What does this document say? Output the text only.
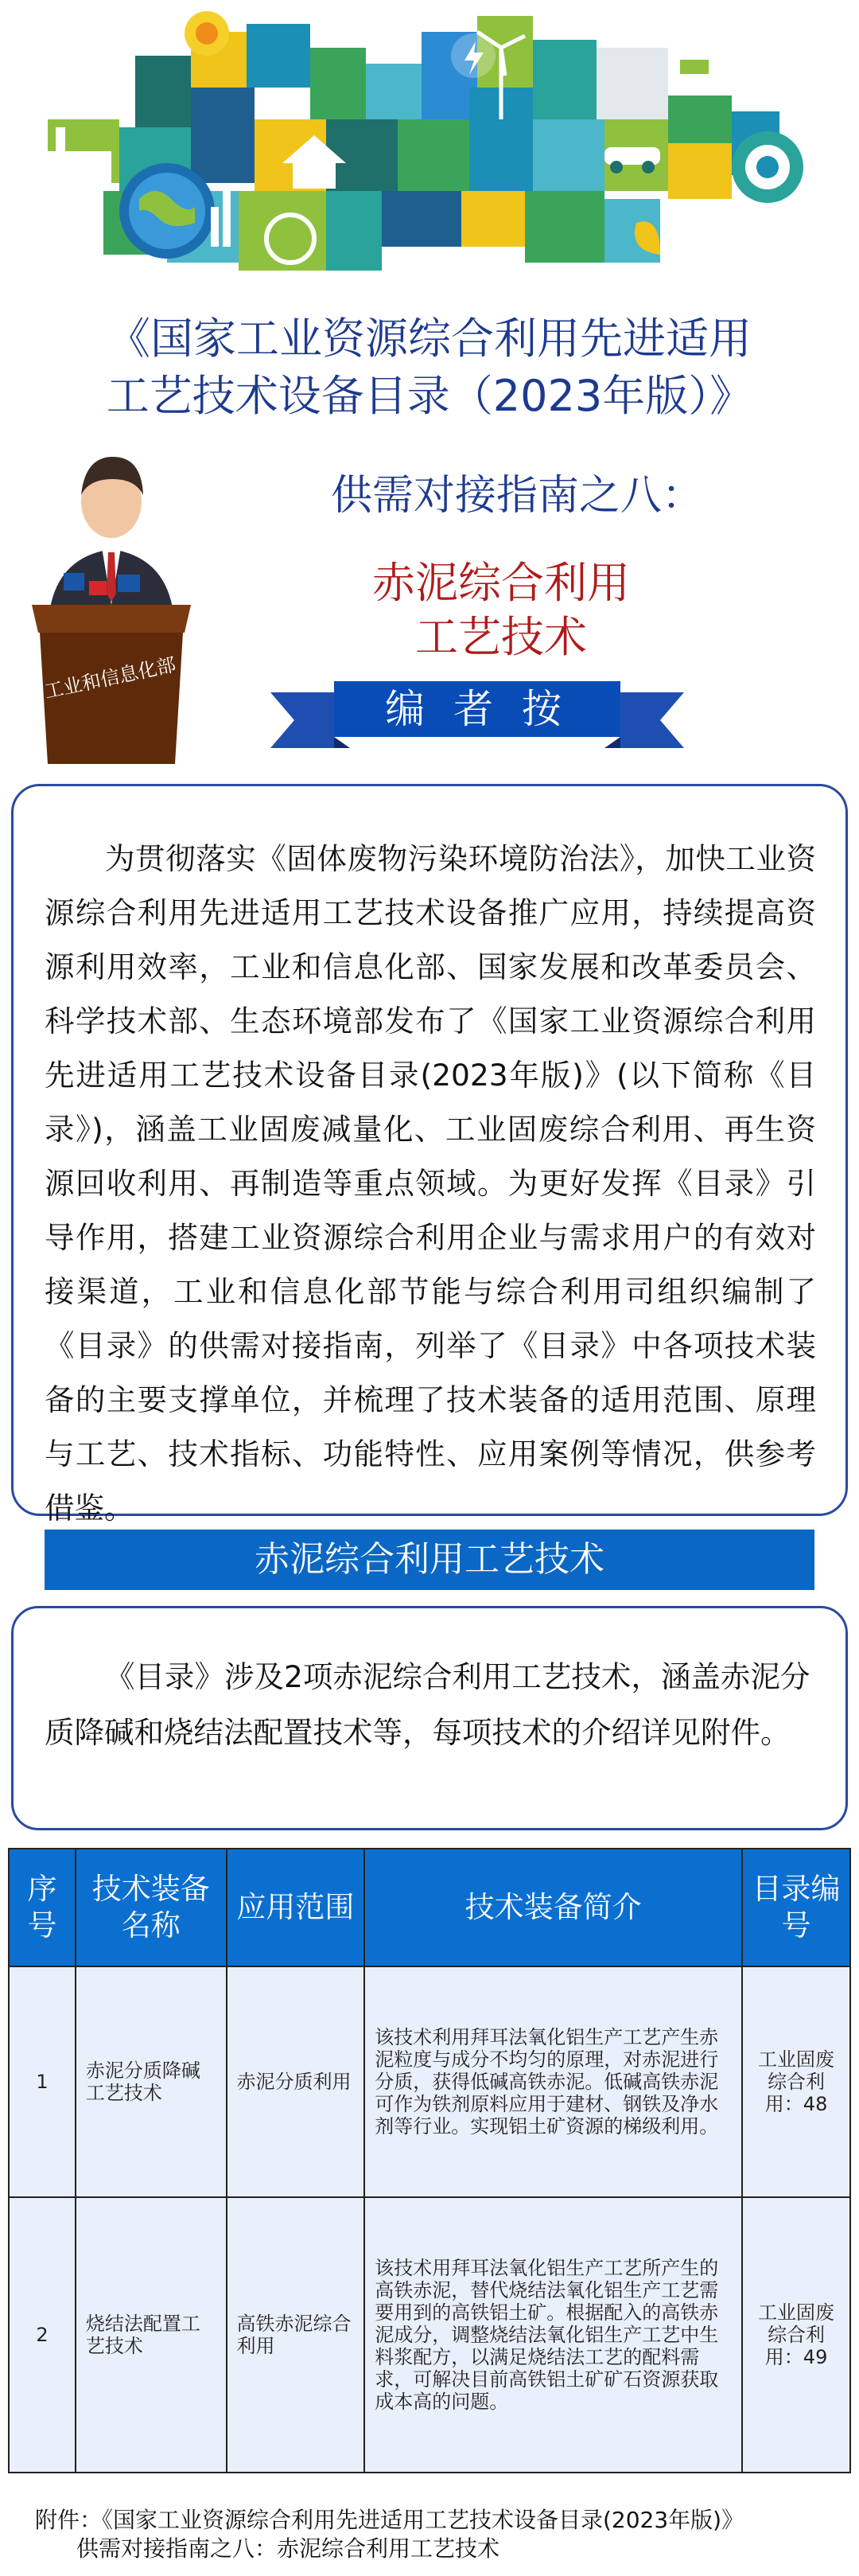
《国家工业资源综合利用先进适用
工艺技术设备目录（2023年版）》
工业和信息化部
供需对接指南之八：
赤泥综合利用
工艺技术
编 者 按

为贯彻落实《固体废物污染环境防治法》，加快工业资源综合利用先进适用工艺技术设备推广应用，持续提高资源利用效率，工业和信息化部、国家发展和改革委员会、科学技术部、生态环境部发布了《国家工业资源综合利用先进适用工艺技术设备目录(2023年版)》(以下简称《目录》)，涵盖工业固废减量化、工业固废综合利用、再生资源回收利用、再制造等重点领域。为更好发挥《目录》引导作用，搭建工业资源综合利用企业与需求用户的有效对接渠道，工业和信息化部节能与综合利用司组织编制了《目录》的供需对接指南，列举了《目录》中各项技术装备的主要支撑单位，并梳理了技术装备的适用范围、原理与工艺、技术指标、功能特性、应用案例等情况，供参考借鉴。

赤泥综合利用工艺技术

《目录》涉及2项赤泥综合利用工艺技术，涵盖赤泥分质降碱和烧结法配置技术等，每项技术的介绍详见附件。

序号	技术装备名称	应用范围	技术装备简介	目录编号
1	赤泥分质降碱工艺技术	赤泥分质利用	该技术利用拜耳法氧化铝生产工艺产生赤泥粒度与成分不均匀的原理，对赤泥进行分质，获得低碱高铁赤泥。低碱高铁赤泥可作为铁剂原料应用于建材、钢铁及净水剂等行业。实现铝土矿资源的梯级利用。	工业固废综合利用：48
2	烧结法配置工艺技术	高铁赤泥综合利用	该技术用拜耳法氧化铝生产工艺所产生的高铁赤泥，替代烧结法氧化铝生产工艺需要用到的高铁铝土矿。根据配入的高铁赤泥成分，调整烧结法氧化铝生产工艺中生料浆配方，以满足烧结法工艺的配料需求，可解决目前高铁铝土矿矿石资源获取成本高的问题。	工业固废综合利用：49
附件：《国家工业资源综合利用先进适用工艺技术设备目录(2023年版)》
供需对接指南之八：赤泥综合利用工艺技术
